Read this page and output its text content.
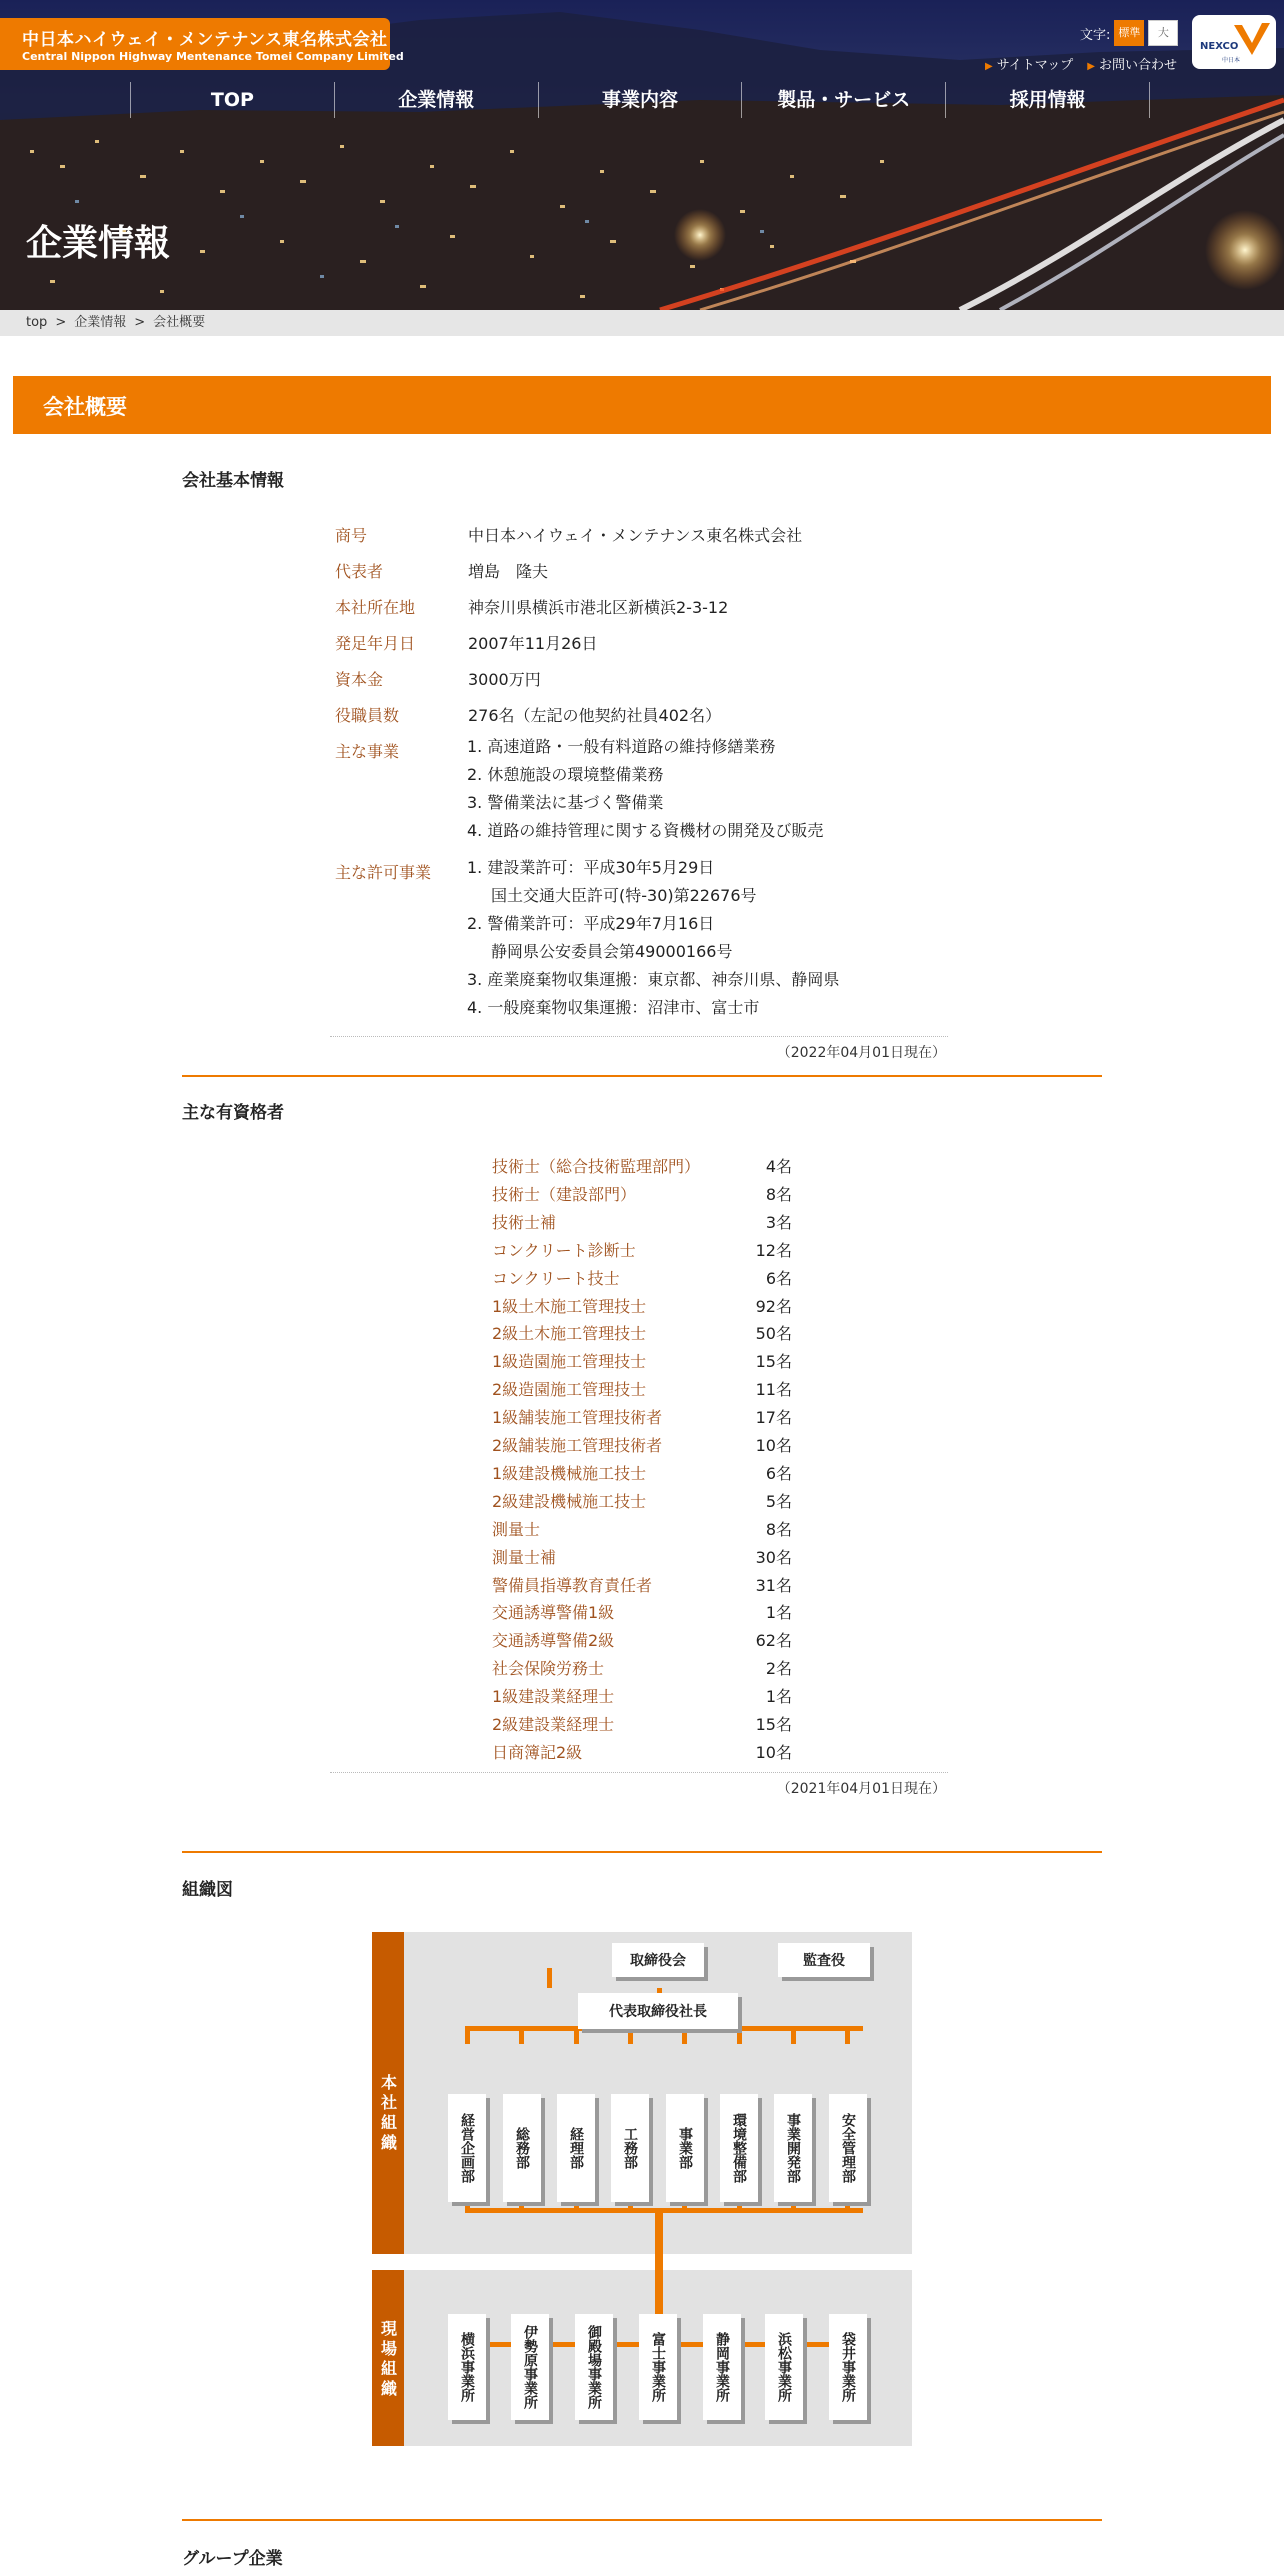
中日本ハイウェイ・メンテナンス東名株式会社
Central Nippon Highway Mentenance Tomei Company Limited
文字: 標準	大
NEXCO
中日本
▶ サイトマップ
▶	お問い合わせ
TOP	企業情報	事業内容	製品・サービス	採用情報
企業情報
top > 企業情報 > 会社概要
会社概要
会社基本情報
商号	中日本ハイウェイ・メンテナンス東名株式会社
代表者	増島　隆夫
本社所在地	神奈川県横浜市港北区新横浜2-3-12
発足年月日	2007年11月26日
資本金	3000万円
役職員数	276名（左記の他契約社員402名）
主な事業	1. 高速道路・一般有料道路の維持修繕業務
2. 休憩施設の環境整備業務
3. 警備業法に基づく警備業
4. 道路の維持管理に関する資機材の開発及び販売
主な許可事業 1. 建設業許可：平成30年5月29日
国土交通大臣許可(特-30)第22676号
2. 警備業許可：平成29年7月16日
静岡県公安委員会第49000166号
3. 産業廃棄物収集運搬：東京都、神奈川県、静岡県
4. 一般廃棄物収集運搬：沼津市、富士市
（2022年04月01日現在）
主な有資格者
技術士（総合技術監理部門）	4名
技術士（建設部門）	8名
技術士補	3名
コンクリート診断士	12名
コンクリート技士	6名
1級土木施工管理技士	92名
2級土木施工管理技士	50名
1級造園施工管理技士	15名
2級造園施工管理技士	11名
1級舗装施工管理技術者	17名
2級舗装施工管理技術者	10名
1級建設機械施工技士	6名
2級建設機械施工技士	5名
測量士	8名
測量士補	30名
警備員指導教育責任者	31名
交通誘導警備1級	1名
交通誘導警備2級	62名
社会保険労務士	2名
1級建設業経理士	1名
2級建設業経理士	15名
日商簿記2級	10名
（2021年04月01日現在）
組織図
本社組織
現場組織
取締役会	監査役
代表取締役社長
経営企画部	総務部	経理部	工務部	事業部	環境整備部	事業開発部	安全管理部
横浜事業所	伊勢原事業所	御殿場事業所	富士事業所	静岡事業所	浜松事業所	袋井事業所
グループ企業
